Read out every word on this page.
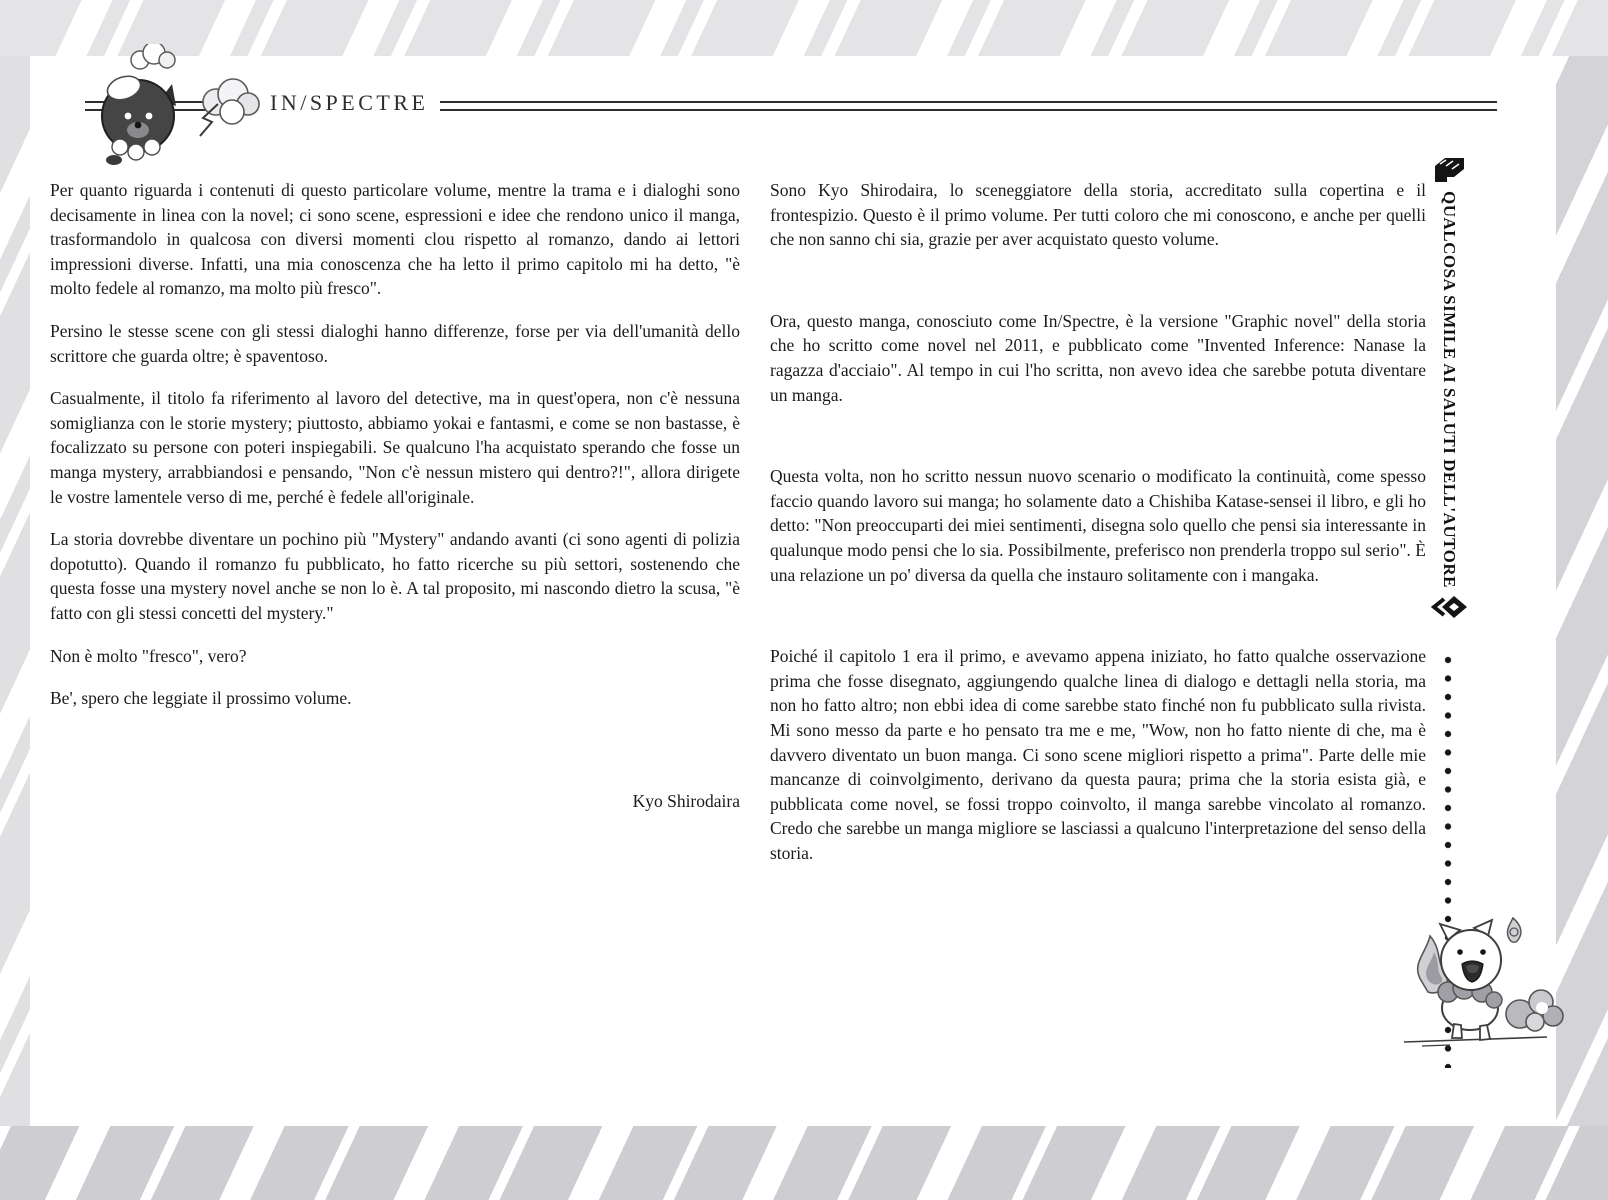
IN/SPECTRE

Per quanto riguarda i contenuti di questo particolare volume, mentre la trama e i dialoghi sono decisamente in linea con la novel; ci sono scene, espressioni e idee che rendono unico il manga, trasformandolo in qualcosa con diversi momenti clou rispetto al romanzo, dando ai lettori impressioni diverse. Infatti, una mia conoscenza che ha letto il primo capitolo mi ha detto, "è molto fedele al romanzo, ma molto più fresco".

Persino le stesse scene con gli stessi dialoghi hanno differenze, forse per via dell'umanità dello scrittore che guarda oltre; è spaventoso.

Casualmente, il titolo fa riferimento al lavoro del detective, ma in quest'opera, non c'è nessuna somiglianza con le storie mystery; piuttosto, abbiamo yokai e fantasmi, e come se non bastasse, è focalizzato su persone con poteri inspiegabili. Se qualcuno l'ha acquistato sperando che fosse un manga mystery, arrabbiandosi e pensando, "Non c'è nessun mistero qui dentro?!", allora dirigete le vostre lamentele verso di me, perché è fedele all'originale.

La storia dovrebbe diventare un pochino più "Mystery" andando avanti (ci sono agenti di polizia dopotutto). Quando il romanzo fu pubblicato, ho fatto ricerche su più settori, sostenendo che questa fosse una mystery novel anche se non lo è. A tal proposito, mi nascondo dietro la scusa, "è fatto con gli stessi concetti del mystery."

Non è molto "fresco", vero?

Be', spero che leggiate il prossimo volume.

Kyo Shirodaira

Sono Kyo Shirodaira, lo sceneggiatore della storia, accreditato sulla copertina e il frontespizio. Questo è il primo volume. Per tutti coloro che mi conoscono, e anche per quelli che non sanno chi sia, grazie per aver acquistato questo volume.

Ora, questo manga, conosciuto come In/Spectre, è la versione "Graphic novel" della storia che ho scritto come novel nel 2011, e pubblicato come "Invented Inference: Nanase la ragazza d'acciaio". Al tempo in cui l'ho scritta, non avevo idea che sarebbe potuta diventare un manga.

Questa volta, non ho scritto nessun nuovo scenario o modificato la continuità, come spesso faccio quando lavoro sui manga; ho solamente dato a Chishiba Katase-sensei il libro, e gli ho detto: "Non preoccuparti dei miei sentimenti, disegna solo quello che pensi sia interessante in qualunque modo pensi che lo sia. Possibilmente, preferisco non prenderla troppo sul serio". È una relazione un po' diversa da quella che instauro solitamente con i mangaka.

Poiché il capitolo 1 era il primo, e avevamo appena iniziato, ho fatto qualche osservazione prima che fosse disegnato, aggiungendo qualche linea di dialogo e dettagli nella storia, ma non ho fatto altro; non ebbi idea di come sarebbe stato finché non fu pubblicato sulla rivista. Mi sono messo da parte e ho pensato tra me e me, "Wow, non ho fatto niente di che, ma è davvero diventato un buon manga. Ci sono scene migliori rispetto a prima". Parte delle mie mancanze di coinvolgimento, derivano da questa paura; prima che la storia esista già, e pubblicata come novel, se fossi troppo coinvolto, il manga sarebbe vincolato al romanzo. Credo che sarebbe un manga migliore se lasciassi a qualcuno l'interpretazione del senso della storia.

QUALCOSA SIMILE AI SALUTI DELL'AUTORE
